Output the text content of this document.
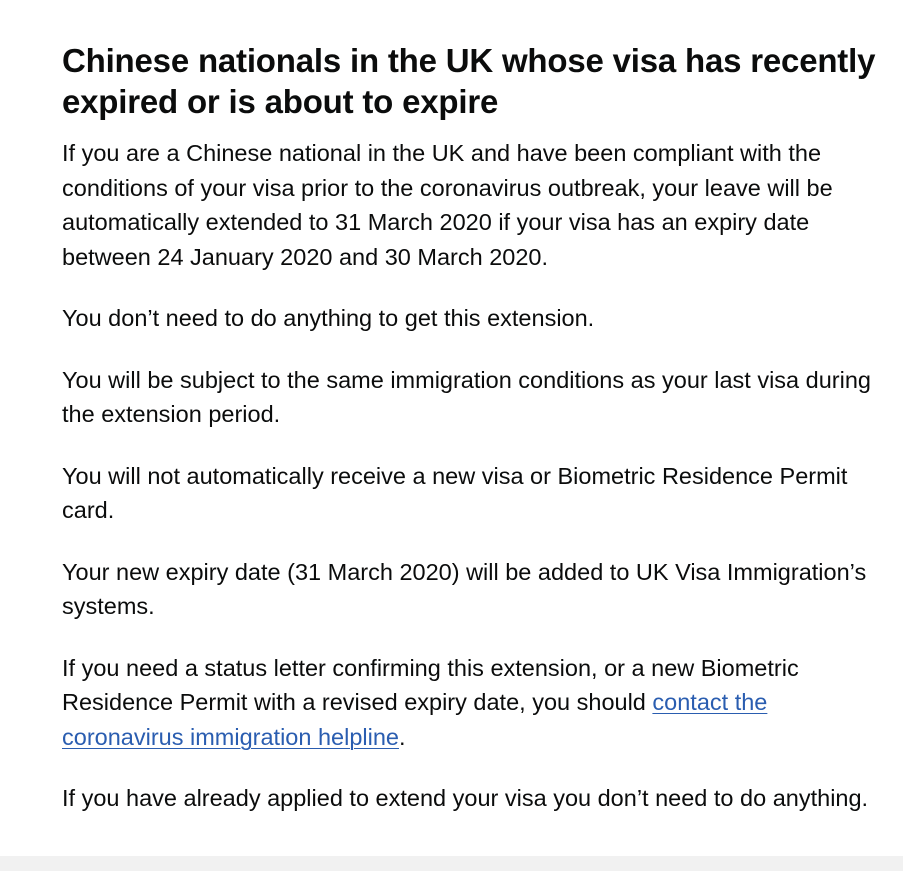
Chinese nationals in the UK whose visa has recently expired or is about to expire

If you are a Chinese national in the UK and have been compliant with the conditions of your visa prior to the coronavirus outbreak, your leave will be automatically extended to 31 March 2020 if your visa has an expiry date between 24 January 2020 and 30 March 2020.

You don’t need to do anything to get this extension.

You will be subject to the same immigration conditions as your last visa during the extension period.

You will not automatically receive a new visa or Biometric Residence Permit card.

Your new expiry date (31 March 2020) will be added to UK Visa Immigration’s systems.

If you need a status letter confirming this extension, or a new Biometric Residence Permit with a revised expiry date, you should contact the coronavirus immigration helpline.

If you have already applied to extend your visa you don’t need to do anything.
